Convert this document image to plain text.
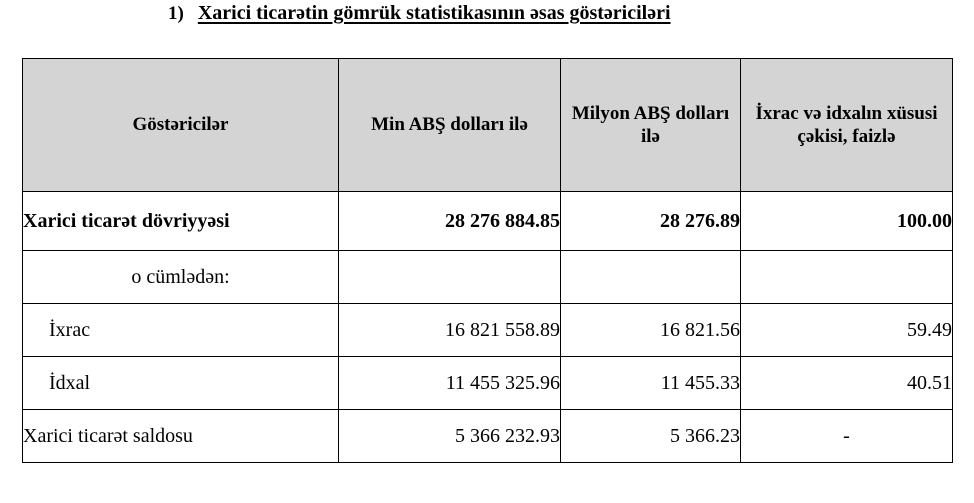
1) Xarici ticarətin gömrük statistikasının əsas göstəriciləri
Göstəricilər	Min ABŞ dolları ilə	Milyon ABŞ dolları ilə	İxrac və idxalın xüsusi çəkisi, faizlə
Xarici ticarət dövriyyəsi	28 276 884.85	28 276.89	100.00
o cümlədən:			
İxrac	16 821 558.89	16 821.56	59.49
İdxal	11 455 325.96	11 455.33	40.51
Xarici ticarət saldosu	5 366 232.93	5 366.23	-
